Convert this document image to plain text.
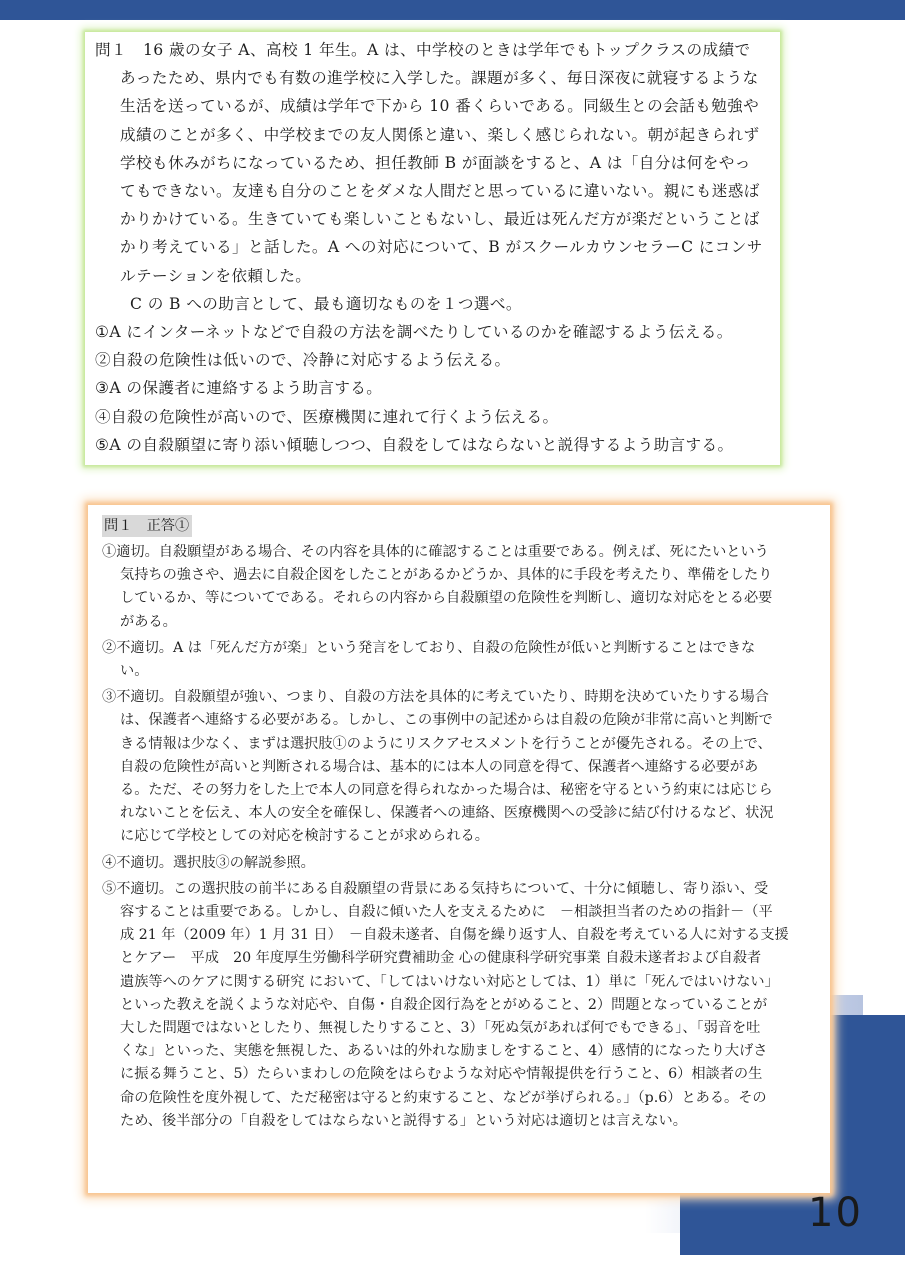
問１　16 歳の女子 A、高校 1 年生。A は、中学校のときは学年でもトップクラスの成績で
あったため、県内でも有数の進学校に入学した。課題が多く、毎日深夜に就寝するような
生活を送っているが、成績は学年で下から 10 番くらいである。同級生との会話も勉強や
成績のことが多く、中学校までの友人関係と違い、楽しく感じられない。朝が起きられず
学校も休みがちになっているため、担任教師 B が面談をすると、A は「自分は何をやっ
てもできない。友達も自分のことをダメな人間だと思っているに違いない。親にも迷惑ば
かりかけている。生きていても楽しいこともないし、最近は死んだ方が楽だということば
かり考えている」と話した。A への対応について、B がスクールカウンセラーC にコンサ
ルテーションを依頼した。
C の B への助言として、最も適切なものを１つ選べ。
①A にインターネットなどで自殺の方法を調べたりしているのかを確認するよう伝える。
②自殺の危険性は低いので、冷静に対応するよう伝える。
③A の保護者に連絡するよう助言する。
④自殺の危険性が高いので、医療機関に連れて行くよう伝える。
⑤A の自殺願望に寄り添い傾聴しつつ、自殺をしてはならないと説得するよう助言する。
問１　正答①
①適切。自殺願望がある場合、その内容を具体的に確認することは重要である。例えば、死にたいという
気持ちの強さや、過去に自殺企図をしたことがあるかどうか、具体的に手段を考えたり、準備をしたり
しているか、等についてである。それらの内容から自殺願望の危険性を判断し、適切な対応をとる必要
がある。
②不適切。A は「死んだ方が楽」という発言をしており、自殺の危険性が低いと判断することはできな
い。
③不適切。自殺願望が強い、つまり、自殺の方法を具体的に考えていたり、時期を決めていたりする場合
は、保護者へ連絡する必要がある。しかし、この事例中の記述からは自殺の危険が非常に高いと判断で
きる情報は少なく、まずは選択肢①のようにリスクアセスメントを行うことが優先される。その上で、
自殺の危険性が高いと判断される場合は、基本的には本人の同意を得て、保護者へ連絡する必要があ
る。ただ、その努力をした上で本人の同意を得られなかった場合は、秘密を守るという約束には応じら
れないことを伝え、本人の安全を確保し、保護者への連絡、医療機関への受診に結び付けるなど、状況
に応じて学校としての対応を検討することが求められる。
④不適切。選択肢③の解説参照。
⑤不適切。この選択肢の前半にある自殺願望の背景にある気持ちについて、十分に傾聴し、寄り添い、受
容することは重要である。しかし、自殺に傾いた人を支えるために　－相談担当者のための指針－（平
成 21 年（2009 年）1 月 31 日）　－自殺未遂者、自傷を繰り返す人、自殺を考えている人に対する支援
とケアー　平成　20 年度厚生労働科学研究費補助金 心の健康科学研究事業 自殺未遂者および自殺者
遺族等へのケアに関する研究 において、「してはいけない対応としては、1）単に「死んではいけない」
といった教えを説くような対応や、自傷・自殺企図行為をとがめること、2）問題となっていることが
大した問題ではないとしたり、無視したりすること、3）「死ぬ気があれば何でもできる」、「弱音を吐
くな」といった、実態を無視した、あるいは的外れな励ましをすること、4）感情的になったり大げさ
に振る舞うこと、5）たらいまわしの危険をはらむような対応や情報提供を行うこと、6）相談者の生
命の危険性を度外視して、ただ秘密は守ると約束すること、などが挙げられる。」（p.6）とある。その
ため、後半部分の「自殺をしてはならないと説得する」という対応は適切とは言えない。
10
